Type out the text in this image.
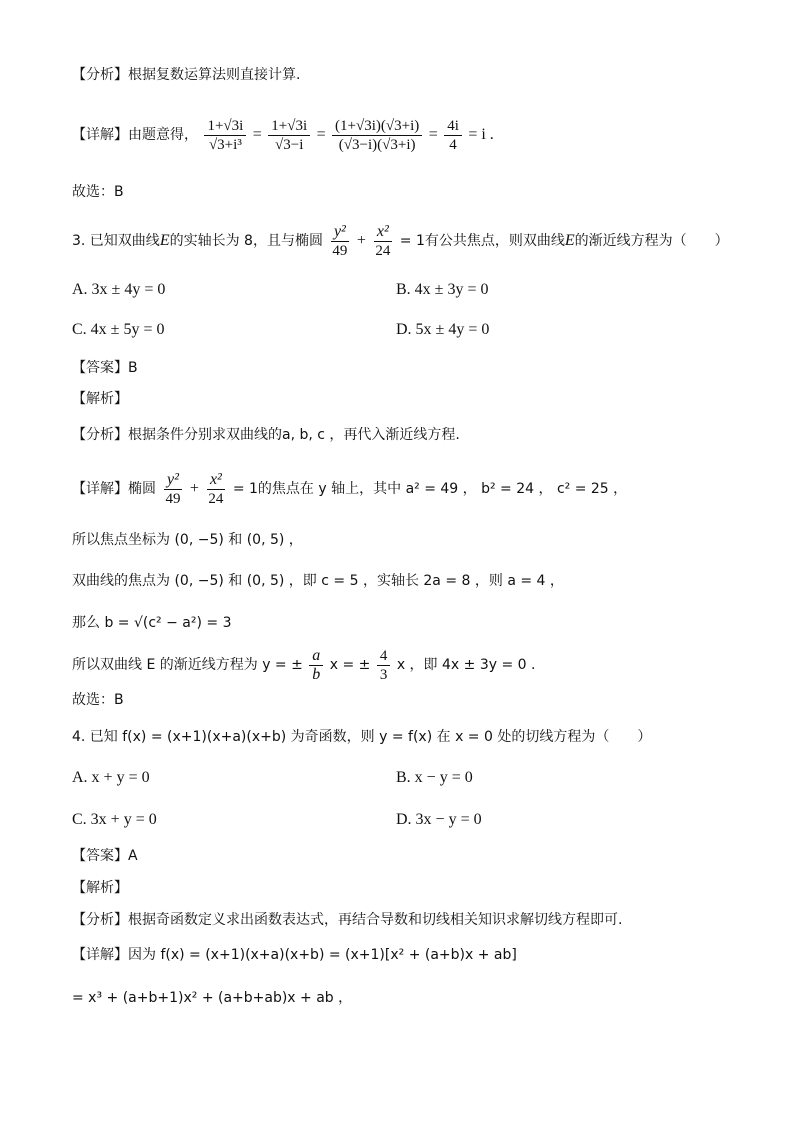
【分析】根据复数运算法则直接计算.
【详解】由题意得， $\frac{1+√3i}{\text{√3+i³}} = \frac{1+√3i}{√3-i} = \frac{(1+√3i)(√3+i)}{(√3-i)(√3+i)} = \frac{4i}{4} = i$ .
故选：B
3. 已知双曲线E的实轴长为 8，且与椭圆 $\frac{\text{y²}}{49} + \frac{\text{x²}}{24} = 1$有公共焦点，则双曲线E的渐近线方程为（　　）
A. 3x ± 4y = 0	B. 4x ± 3y = 0
C. 4x ± 5y = 0	D. 5x ± 4y = 0
【答案】B
【解析】
【分析】根据条件分别求双曲线的a, b, c ，再代入渐近线方程.
【详解】椭圆 $\frac{\text{y²}}{49} + \frac{\text{x²}}{24} = 1$的焦点在 y 轴上，其中 a² = 49 ， b² = 24 ， c² = 25 ，
所以焦点坐标为 (0, −5) 和 (0, 5) ，
双曲线的焦点为 (0, −5) 和 (0, 5) ，即 c = 5 ，实轴长 2a = 8 ，则 a = 4 ，
那么 b = √(c² − a²) = 3
所以双曲线 E 的渐近线方程为 y = ± $\frac{a}{b}$ x = ± $\frac{4}{3}$ x ，即 4x ± 3y = 0 .
故选：B
4. 已知 f(x) = (x+1)(x+a)(x+b) 为奇函数，则 y = f(x) 在 x = 0 处的切线方程为（　　）
A. x + y = 0	B. x − y = 0
C. 3x + y = 0	D. 3x − y = 0
【答案】A
【解析】
【分析】根据奇函数定义求出函数表达式，再结合导数和切线相关知识求解切线方程即可.
【详解】因为 f(x) = (x+1)(x+a)(x+b) = (x+1)[x² + (a+b)x + ab]
= x³ + (a+b+1)x² + (a+b+ab)x + ab ，
